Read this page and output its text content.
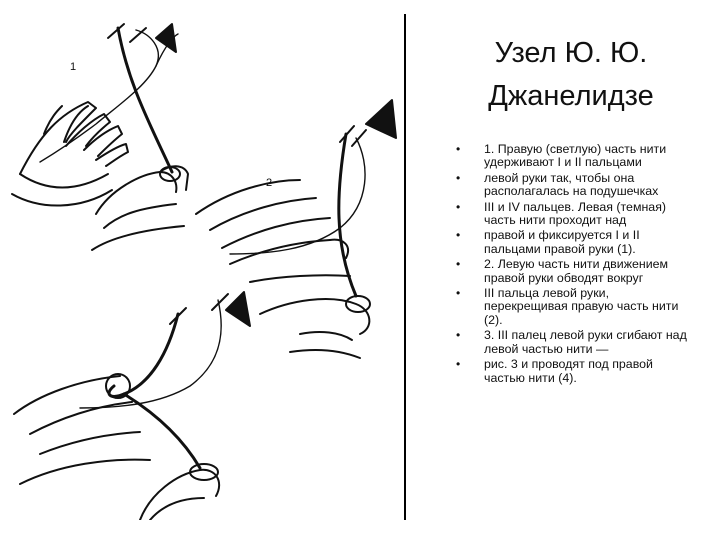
1
2
Узел Ю. Ю.
Джанелидзе
• 1. Правую (светлую) часть нити удерживают I и II пальцами
• левой руки так, чтобы она располагалась на подушечках
• III и IV пальцев. Левая (темная) часть нити проходит над
• правой и фиксируется I и II пальцами правой руки (1).
• 2. Левую часть нити движением правой руки обводят вокруг
• III пальца левой руки, перекрещивая правую часть нити (2).
• 3. III палец левой руки сгибают над левой частью нити —
• рис. 3 и проводят под правой частью нити (4).
